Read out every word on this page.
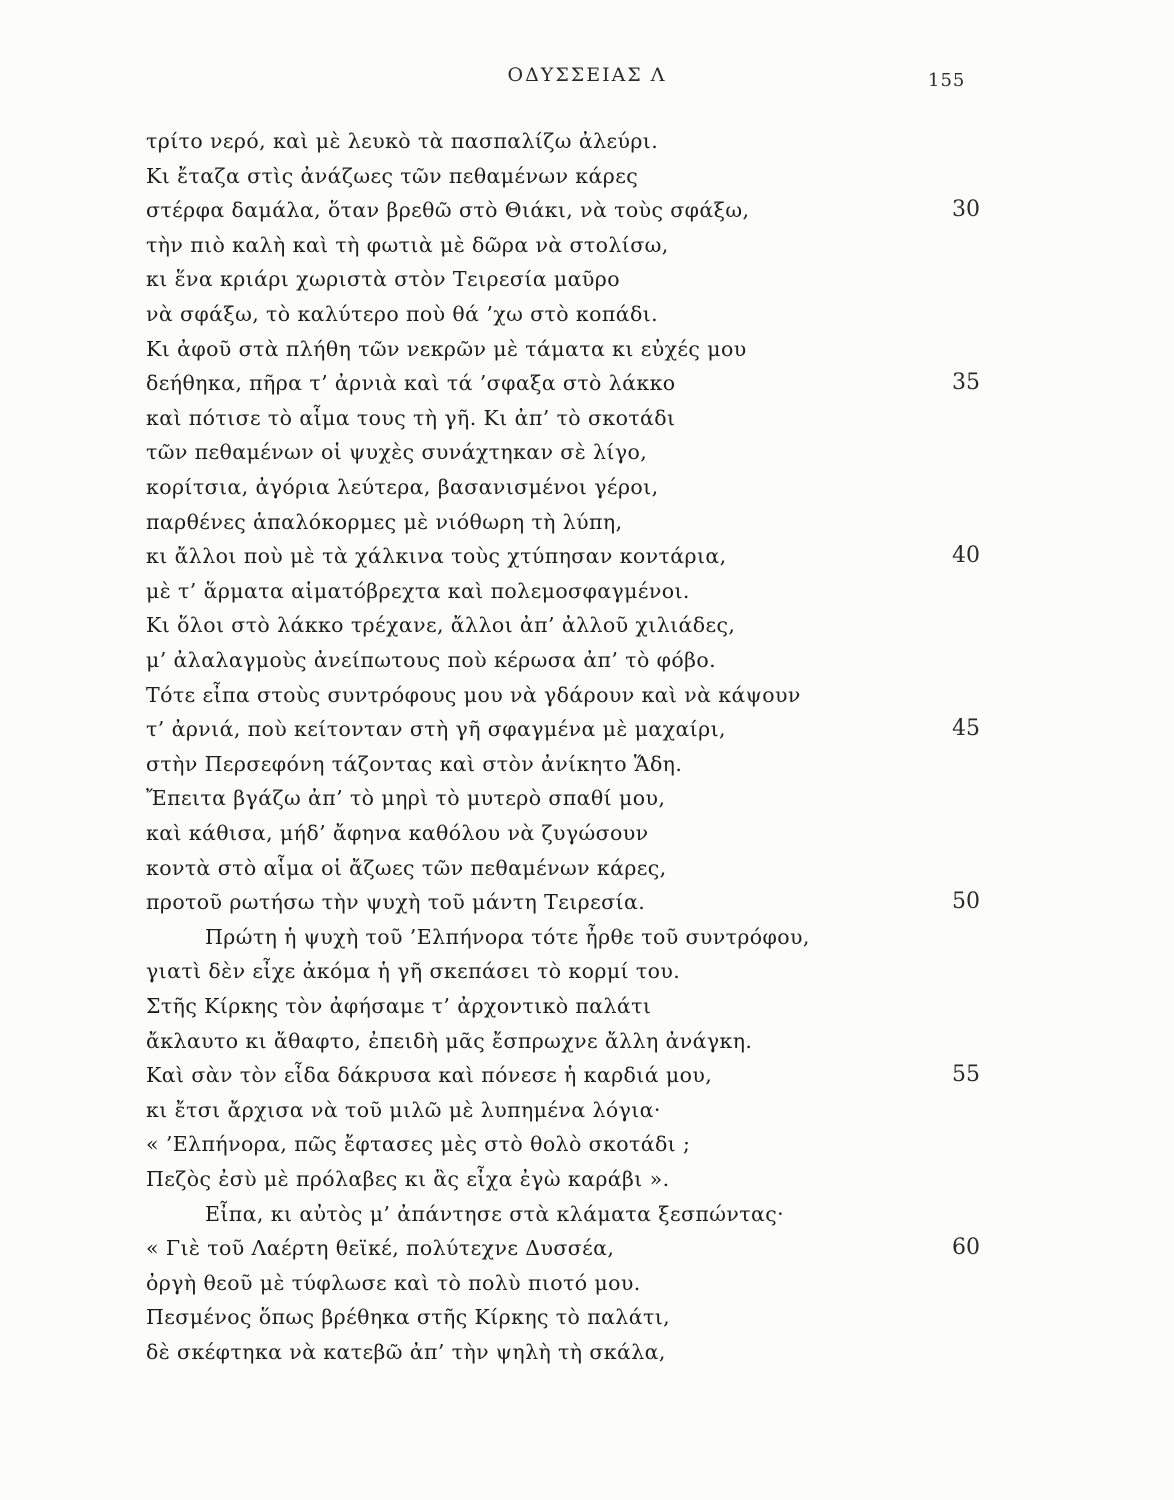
ΟΔΥΣΣΕΙΑΣ Λ	155
τρίτο νερό, καὶ μὲ λευκὸ τὰ πασπαλίζω ἀλεύρι.
Κι ἔταζα στὶς ἀνάζωες τῶν πεθαμένων κάρες
στέρφα δαμάλα, ὅταν βρεθῶ στὸ Θιάκι, νὰ τοὺς σφάξω,	30
τὴν πιὸ καλὴ καὶ τὴ φωτιὰ μὲ δῶρα νὰ στολίσω,
κι ἕνα κριάρι χωριστὰ στὸν Τειρεσία μαῦρο
νὰ σφάξω, τὸ καλύτερο ποὺ θά ’χω στὸ κοπάδι.
Κι ἀφοῦ στὰ πλήθη τῶν νεκρῶν μὲ τάματα κι εὐχές μου
δεήθηκα, πῆρα τ’ ἀρνιὰ καὶ τά ’σφαξα στὸ λάκκο	35
καὶ πότισε τὸ αἷμα τους τὴ γῆ. Κι ἀπ’ τὸ σκοτάδι
τῶν πεθαμένων οἱ ψυχὲς συνάχτηκαν σὲ λίγο,
κορίτσια, ἀγόρια λεύτερα, βασανισμένοι γέροι,
παρθένες ἁπαλόκορμες μὲ νιόθωρη τὴ λύπη,
κι ἄλλοι ποὺ μὲ τὰ χάλκινα τοὺς χτύπησαν κοντάρια,	40
μὲ τ’ ἅρματα αἱματόβρεχτα καὶ πολεμοσφαγμένοι.
Κι ὅλοι στὸ λάκκο τρέχανε, ἄλλοι ἀπ’ ἀλλοῦ χιλιάδες,
μ’ ἀλαλαγμοὺς ἀνείπωτους ποὺ κέρωσα ἀπ’ τὸ φόβο.
Τότε εἶπα στοὺς συντρόφους μου νὰ γδάρουν καὶ νὰ κάψουν
τ’ ἀρνιά, ποὺ κείτονταν στὴ γῆ σφαγμένα μὲ μαχαίρι,	45
στὴν Περσεφόνη τάζοντας καὶ στὸν ἀνίκητο Ἅδη.
Ἔπειτα βγάζω ἀπ’ τὸ μηρὶ τὸ μυτερὸ σπαθί μου,
καὶ κάθισα, μήδ’ ἄφηνα καθόλου νὰ ζυγώσουν
κοντὰ στὸ αἷμα οἱ ἄζωες τῶν πεθαμένων κάρες,
προτοῦ ρωτήσω τὴν ψυχὴ τοῦ μάντη Τειρεσία.	50
Πρώτη ἡ ψυχὴ τοῦ ’Ελπήνορα τότε ἦρθε τοῦ συντρόφου,
γιατὶ δὲν εἶχε ἀκόμα ἡ γῆ σκεπάσει τὸ κορμί του.
Στῆς Κίρκης τὸν ἀφήσαμε τ’ ἀρχοντικὸ παλάτι
ἄκλαυτο κι ἄθαφτο, ἐπειδὴ μᾶς ἔσπρωχνε ἄλλη ἀνάγκη.
Καὶ σὰν τὸν εἶδα δάκρυσα καὶ πόνεσε ἡ καρδιά μου,	55
κι ἔτσι ἄρχισα νὰ τοῦ μιλῶ μὲ λυπημένα λόγια·
« ’Ελπήνορα, πῶς ἔφτασες μὲς στὸ θολὸ σκοτάδι ;
Πεζὸς ἐσὺ μὲ πρόλαβες κι ἂς εἶχα ἐγὼ καράβι ».
Εἶπα, κι αὐτὸς μ’ ἀπάντησε στὰ κλάματα ξεσπώντας·
« Γιὲ τοῦ Λαέρτη θεϊκέ, πολύτεχνε Δυσσέα,	60
ὀργὴ θεοῦ μὲ τύφλωσε καὶ τὸ πολὺ πιοτό μου.
Πεσμένος ὅπως βρέθηκα στῆς Κίρκης τὸ παλάτι,
δὲ σκέφτηκα νὰ κατεβῶ ἀπ’ τὴν ψηλὴ τὴ σκάλα,
